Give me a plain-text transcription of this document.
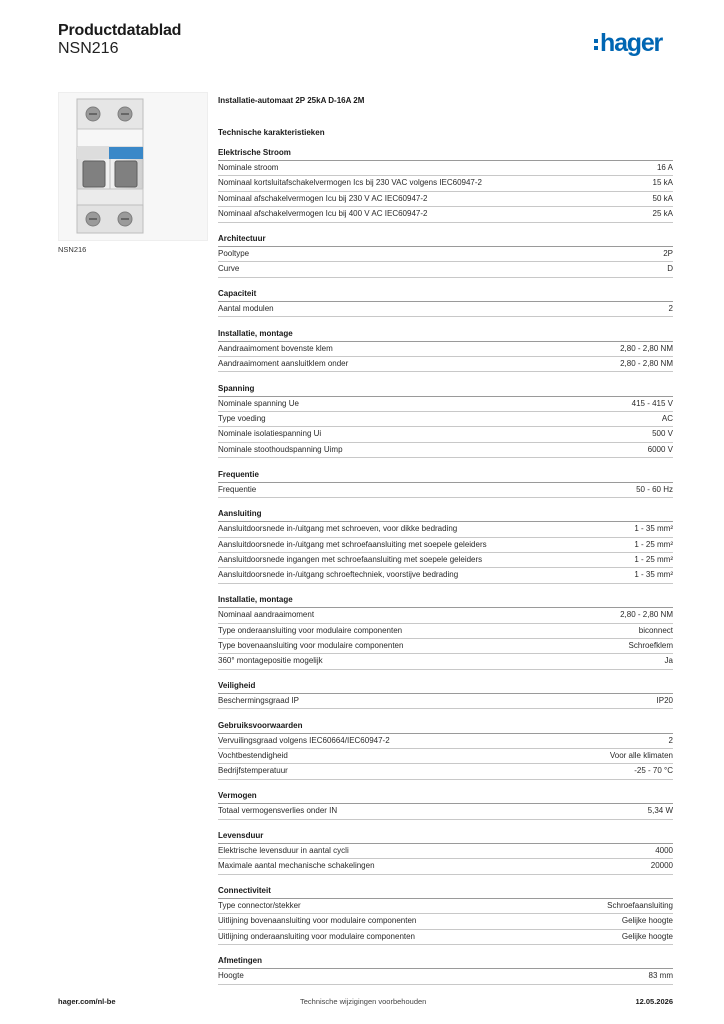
Productdatablad
NSN216	hager
NSN216
Installatie-automaat 2P 25kA D-16A 2M
Technische karakteristieken
Elektrische Stroom
Nominale stroom	16 A
Nominaal kortsluitafschakelvermogen Ics bij 230 VAC volgens IEC60947-2	15 kA
Nominaal afschakelvermogen Icu bij 230 V AC IEC60947-2	50 kA
Nominaal afschakelvermogen Icu bij 400 V AC IEC60947-2	25 kA
Architectuur
Pooltype	2P
Curve	D
Capaciteit
Aantal modulen	2
Installatie, montage
Aandraaimoment bovenste klem	2,80 - 2,80 NM
Aandraaimoment aansluitklem onder	2,80 - 2,80 NM
Spanning
Nominale spanning Ue	415 - 415 V
Type voeding	AC
Nominale isolatiespanning Ui	500 V
Nominale stoothoudspanning Uimp	6000 V
Frequentie
Frequentie	50 - 60 Hz
Aansluiting
Aansluitdoorsnede in-/uitgang met schroeven, voor dikke bedrading	1 - 35 mm²
Aansluitdoorsnede in-/uitgang met schroefaansluiting met soepele geleiders	1 - 25 mm²
Aansluitdoorsnede ingangen met schroefaansluiting met soepele geleiders	1 - 25 mm²
Aansluitdoorsnede in-/uitgang schroeftechniek, voorstijve bedrading	1 - 35 mm²
Installatie, montage
Nominaal aandraaimoment	2,80 - 2,80 NM
Type onderaansluiting voor modulaire componenten	biconnect
Type bovenaansluiting voor modulaire componenten	Schroefklem
360° montagepositie mogelijk	Ja
Veiligheid
Beschermingsgraad IP	IP20
Gebruiksvoorwaarden
Vervuilingsgraad volgens IEC60664/IEC60947-2	2
Vochtbestendigheid	Voor alle klimaten
Bedrijfstemperatuur	-25 - 70 °C
Vermogen
Totaal vermogensverlies onder IN	5,34 W
Levensduur
Elektrische levensduur in aantal cycli	4000
Maximale aantal mechanische schakelingen	20000
Connectiviteit
Type connector/stekker	Schroefaansluiting
Uitlijning bovenaansluiting voor modulaire componenten	Gelijke hoogte
Uitlijning onderaansluiting voor modulaire componenten	Gelijke hoogte
Afmetingen
Hoogte	83 mm
hager.com/nl-be	Technische wijzigingen voorbehouden	12.05.2026
